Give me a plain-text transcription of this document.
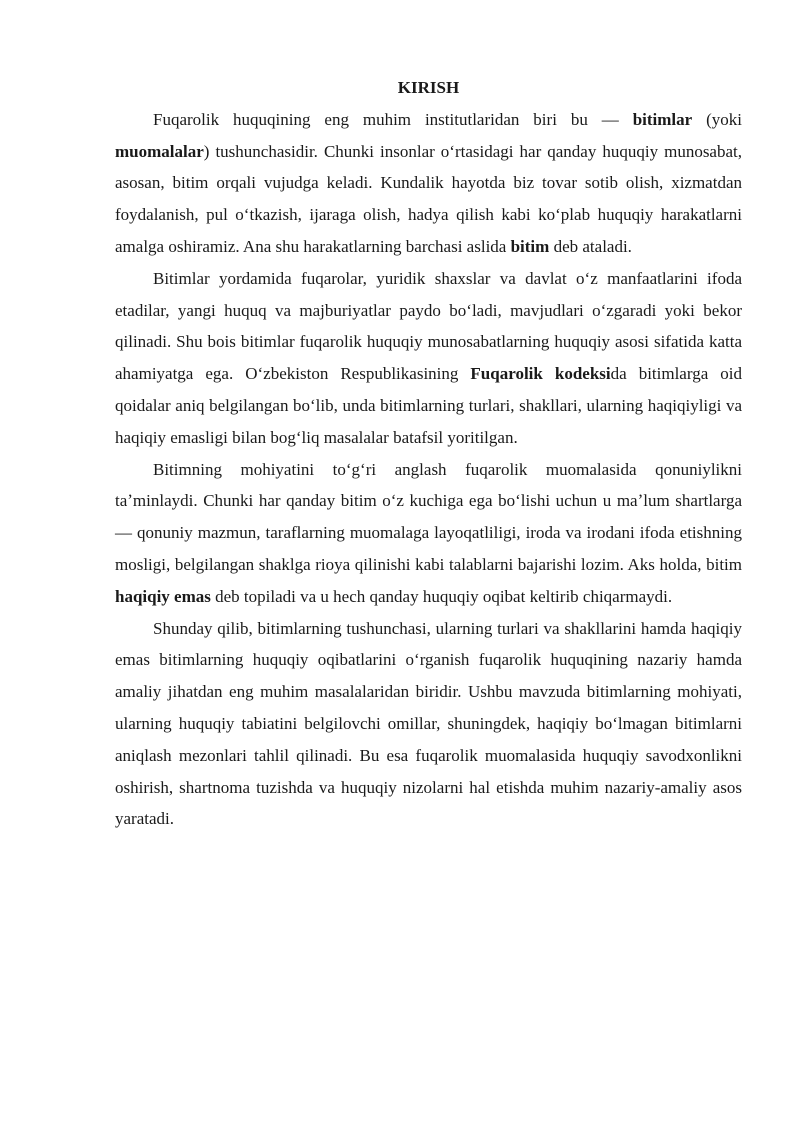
KIRISH

Fuqarolik huquqining eng muhim institutlaridan biri bu — bitimlar (yoki muomalalar) tushunchasidir. Chunki insonlar oʻrtasidagi har qanday huquqiy munosabat, asosan, bitim orqali vujudga keladi. Kundalik hayotda biz tovar sotib olish, xizmatdan foydalanish, pul oʻtkazish, ijaraga olish, hadya qilish kabi koʻplab huquqiy harakatlarni amalga oshiramiz. Ana shu harakatlarning barchasi aslida bitim deb ataladi.

Bitimlar yordamida fuqarolar, yuridik shaxslar va davlat oʻz manfaatlarini ifoda etadilar, yangi huquq va majburiyatlar paydo boʻladi, mavjudlari oʻzgaradi yoki bekor qilinadi. Shu bois bitimlar fuqarolik huquqiy munosabatlarning huquqiy asosi sifatida katta ahamiyatga ega. Oʻzbekiston Respublikasining Fuqarolik kodeksida bitimlarga oid qoidalar aniq belgilangan boʻlib, unda bitimlarning turlari, shakllari, ularning haqiqiyligi va haqiqiy emasligi bilan bogʻliq masalalar batafsil yoritilgan.

Bitimning mohiyatini toʻgʻri anglash fuqarolik muomalasida qonuniylikni taʼminlaydi. Chunki har qanday bitim oʻz kuchiga ega boʻlishi uchun u maʼlum shartlarga — qonuniy mazmun, taraflarning muomalaga layoqatliligi, iroda va irodani ifoda etishning mosligi, belgilangan shaklga rioya qilinishi kabi talablarni bajarishi lozim. Aks holda, bitim haqiqiy emas deb topiladi va u hech qanday huquqiy oqibat keltirib chiqarmaydi.

Shunday qilib, bitimlarning tushunchasi, ularning turlari va shakllarini hamda haqiqiy emas bitimlarning huquqiy oqibatlarini oʻrganish fuqarolik huquqining nazariy hamda amaliy jihatdan eng muhim masalalaridan biridir. Ushbu mavzuda bitimlarning mohiyati, ularning huquqiy tabiatini belgilovchi omillar, shuningdek, haqiqiy boʻlmagan bitimlarni aniqlash mezonlari tahlil qilinadi. Bu esa fuqarolik muomalasida huquqiy savodxonlikni oshirish, shartnoma tuzishda va huquqiy nizolarni hal etishda muhim nazariy-amaliy asos yaratadi.
